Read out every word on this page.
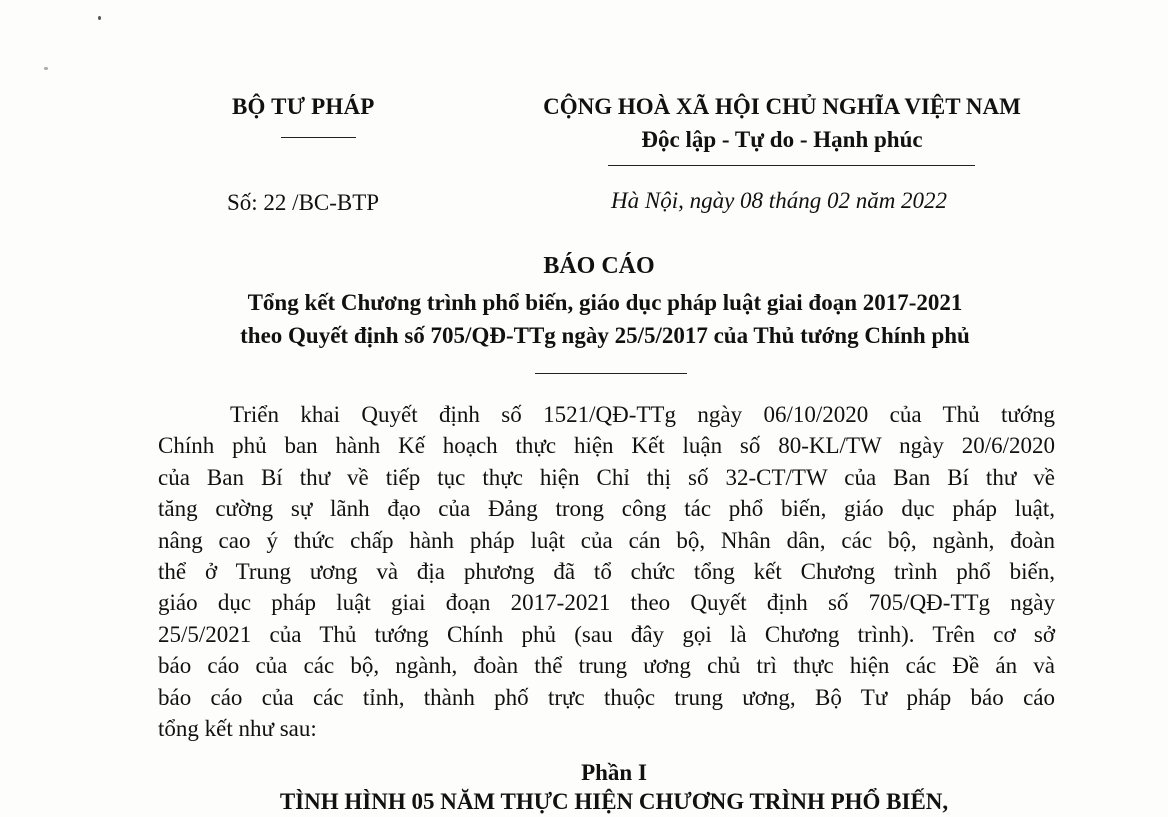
BỘ TƯ PHÁP	CỘNG HOÀ XÃ HỘI CHỦ NGHĨA VIỆT NAM
Độc lập - Tự do - Hạnh phúc
Số: 22 /BC-BTP	Hà Nội, ngày 08 tháng 02 năm 2022
BÁO CÁO
Tổng kết Chương trình phổ biến, giáo dục pháp luật giai đoạn 2017-2021
theo Quyết định số 705/QĐ-TTg ngày 25/5/2017 của Thủ tướng Chính phủ
Triển khai Quyết định số 1521/QĐ-TTg ngày 06/10/2020 của Thủ tướng
Chính phủ ban hành Kế hoạch thực hiện Kết luận số 80-KL/TW ngày 20/6/2020
của Ban Bí thư về tiếp tục thực hiện Chỉ thị số 32-CT/TW của Ban Bí thư về
tăng cường sự lãnh đạo của Đảng trong công tác phổ biến, giáo dục pháp luật,
nâng cao ý thức chấp hành pháp luật của cán bộ, Nhân dân, các bộ, ngành, đoàn
thể ở Trung ương và địa phương đã tổ chức tổng kết Chương trình phổ biến,
giáo dục pháp luật giai đoạn 2017-2021 theo Quyết định số 705/QĐ-TTg ngày
25/5/2021 của Thủ tướng Chính phủ (sau đây gọi là Chương trình). Trên cơ sở
báo cáo của các bộ, ngành, đoàn thể trung ương chủ trì thực hiện các Đề án và
báo cáo của các tỉnh, thành phố trực thuộc trung ương, Bộ Tư pháp báo cáo
tổng kết như sau:
Phần I
TÌNH HÌNH 05 NĂM THỰC HIỆN CHƯƠNG TRÌNH PHỔ BIẾN,
